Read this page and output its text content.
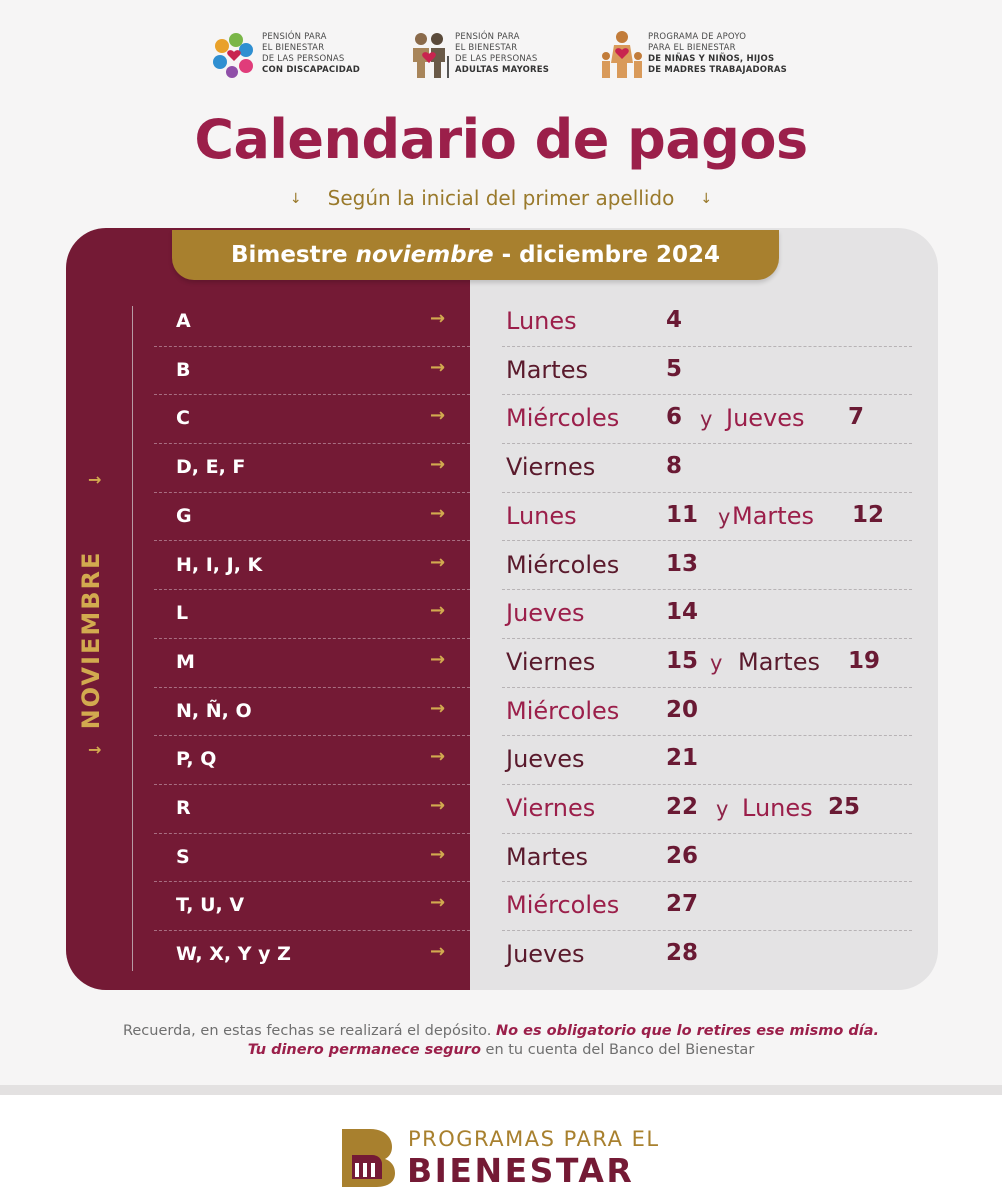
PENSIÓN PARA
EL BIENESTAR
DE LAS PERSONAS
CON DISCAPACIDAD
PENSIÓN PARA
EL BIENESTAR
DE LAS PERSONAS
ADULTAS MAYORES
PROGRAMA DE APOYO
PARA EL BIENESTAR
DE NIÑAS Y NIÑOS, HIJOS
DE MADRES TRABAJADORAS
Calendario de pagos
↓ Según la inicial del primer apellido ↓
→
→
NOVIEMBRE
Bimestre noviembre - diciembre 2024
A	→	Lunes	4
B	→	Martes	5
C	→	Miércoles 6 y Jueves 7
D, E, F	→	Viernes	8
G	→	Lunes	11 y Martes 12
H, I, J, K	→	Miércoles 13
L	→	Jueves	14
M	→	Viernes	15 y Martes 19
N, Ñ, O	→	Miércoles 20
P, Q	→	Jueves	21
R	→	Viernes	22 y Lunes 25
S	→	Martes	26
T, U, V	→	Miércoles 27
W, X, Y y Z	→	Jueves	28
Recuerda, en estas fechas se realizará el depósito. No es obligatorio que lo retires ese mismo día.
Tu dinero permanece seguro en tu cuenta del Banco del Bienestar
PROGRAMAS PARA EL
BIENESTAR
